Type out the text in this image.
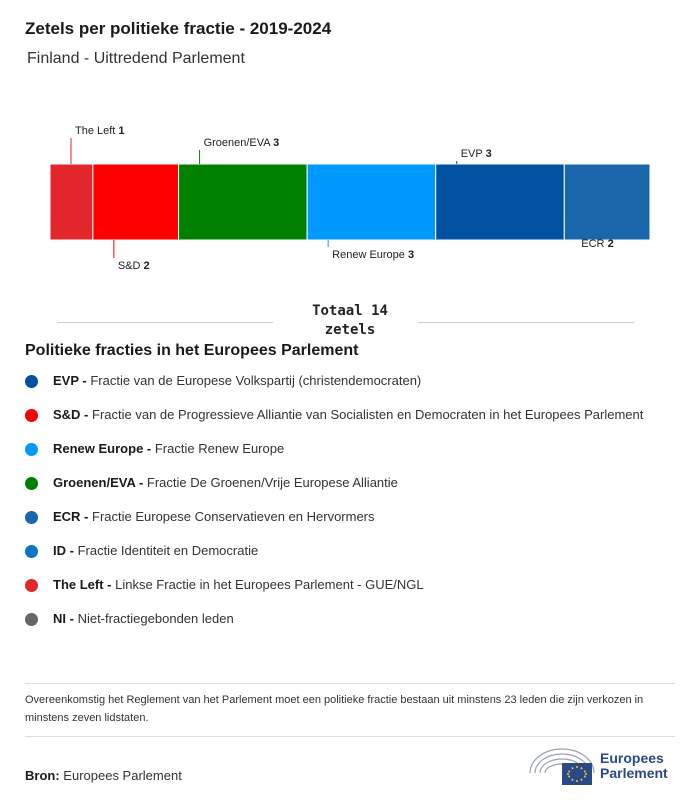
Zetels per politieke fractie - 2019-2024
Finland - Uittredend Parlement
The Left 1
S&D 2
Groenen/EVA 3
Renew Europe 3
EVP 3
ECR 2
Totaal 14
zetels
Politieke fracties in het Europees Parlement
EVP - Fractie van de Europese Volkspartij (christendemocraten)
S&D - Fractie van de Progressieve Alliantie van Socialisten en Democraten in het Europees Parlement
Renew Europe - Fractie Renew Europe
Groenen/EVA - Fractie De Groenen/Vrije Europese Alliantie
ECR - Fractie Europese Conservatieven en Hervormers
ID - Fractie Identiteit en Democratie
The Left - Linkse Fractie in het Europees Parlement - GUE/NGL
NI - Niet-fractiegebonden leden
Overeenkomstig het Reglement van het Parlement moet een politieke fractie bestaan uit minstens 23 leden die zijn verkozen in minstens zeven lidstaten.
Bron: Europees Parlement
Europees
Parlement
